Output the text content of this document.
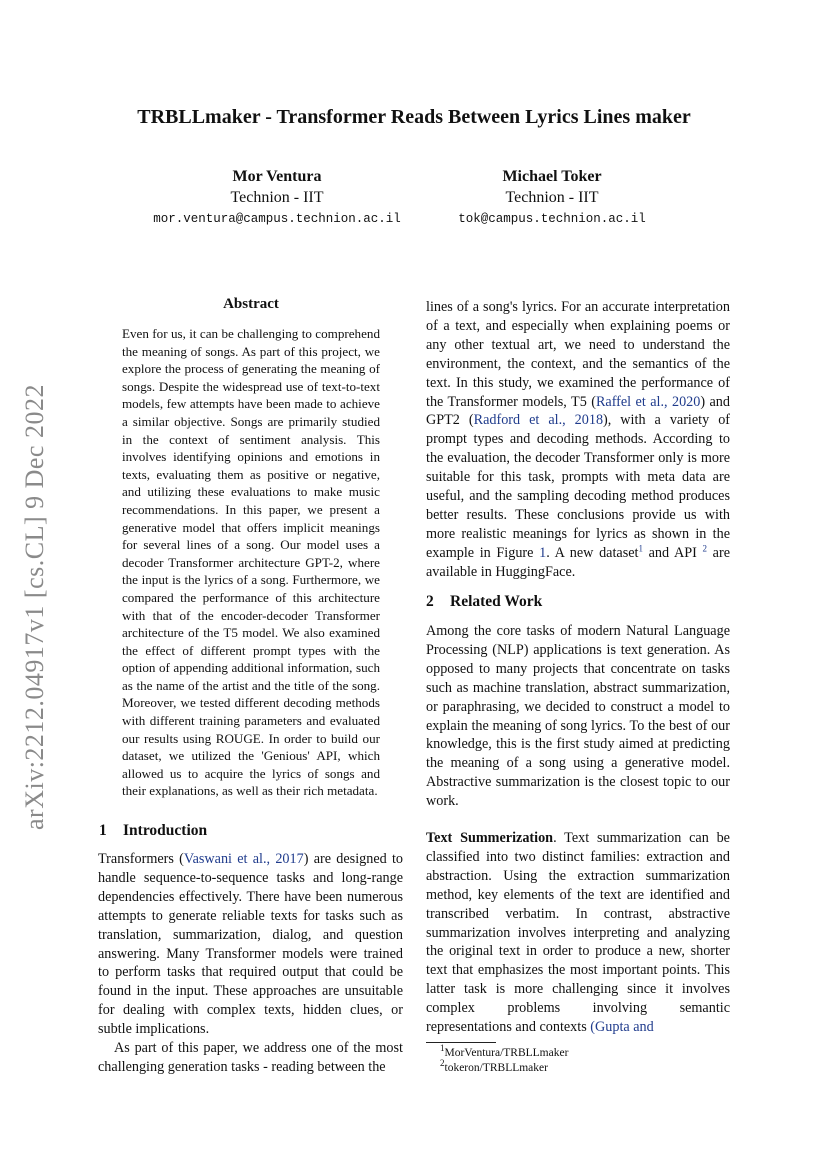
arXiv:2212.04917v1 [cs.CL] 9 Dec 2022
TRBLLmaker - Transformer Reads Between Lyrics Lines maker
Mor Ventura
Technion - IIT
mor.ventura@campus.technion.ac.il
Michael Toker
Technion - IIT
tok@campus.technion.ac.il
Abstract
Even for us, it can be challenging to comprehend the meaning of songs. As part of this project, we explore the process of generating the meaning of songs. Despite the widespread use of text-to-text models, few attempts have been made to achieve a similar objective. Songs are primarily studied in the context of sentiment analysis. This involves identifying opinions and emotions in texts, evaluating them as positive or negative, and utilizing these evaluations to make music recommendations. In this paper, we present a generative model that offers implicit meanings for several lines of a song. Our model uses a decoder Transformer architecture GPT-2, where the input is the lyrics of a song. Furthermore, we compared the performance of this architecture with that of the encoder-decoder Transformer architecture of the T5 model. We also examined the effect of different prompt types with the option of appending additional information, such as the name of the artist and the title of the song. Moreover, we tested different decoding methods with different training parameters and evaluated our results using ROUGE. In order to build our dataset, we utilized the 'Genious' API, which allowed us to acquire the lyrics of songs and their explanations, as well as their rich metadata.
1 Introduction

Transformers (Vaswani et al., 2017) are designed to handle sequence-to-sequence tasks and long-range dependencies effectively. There have been numerous attempts to generate reliable texts for tasks such as translation, summarization, dialog, and question answering. Many Transformer models were trained to perform tasks that required output that could be found in the input. These approaches are unsuitable for dealing with complex texts, hidden clues, or subtle implications.

As part of this paper, we address one of the most challenging generation tasks - reading between the

lines of a song's lyrics. For an accurate interpretation of a text, and especially when explaining poems or any other textual art, we need to understand the environment, the context, and the semantics of the text. In this study, we examined the performance of the Transformer models, T5 (Raffel et al., 2020) and GPT2 (Radford et al., 2018), with a variety of prompt types and decoding methods. According to the evaluation, the decoder Transformer only is more suitable for this task, prompts with meta data are useful, and the sampling decoding method produces better results. These conclusions provide us with more realistic meanings for lyrics as shown in the example in Figure 1. A new dataset$^1$ and API $^2$ are available in HuggingFace.

2 Related Work
Among the core tasks of modern Natural Language Processing (NLP) applications is text generation. As opposed to many projects that concentrate on tasks such as machine translation, abstract summarization, or paraphrasing, we decided to construct a model to explain the meaning of song lyrics. To the best of our knowledge, this is the first study aimed at predicting the meaning of a song using a generative model. Abstractive summarization is the closest topic to our work.
Text Summerization. Text summarization can be classified into two distinct families: extraction and abstraction. Using the extraction summarization method, key elements of the text are identified and transcribed verbatim. In contrast, abstractive summarization involves interpreting and analyzing the original text in order to produce a new, shorter text that emphasizes the most important points. This latter task is more challenging since it involves complex problems involving semantic representations and contexts (Gupta and
$^1$MorVentura/TRBLLmaker
$^2$tokeron/TRBLLmaker
